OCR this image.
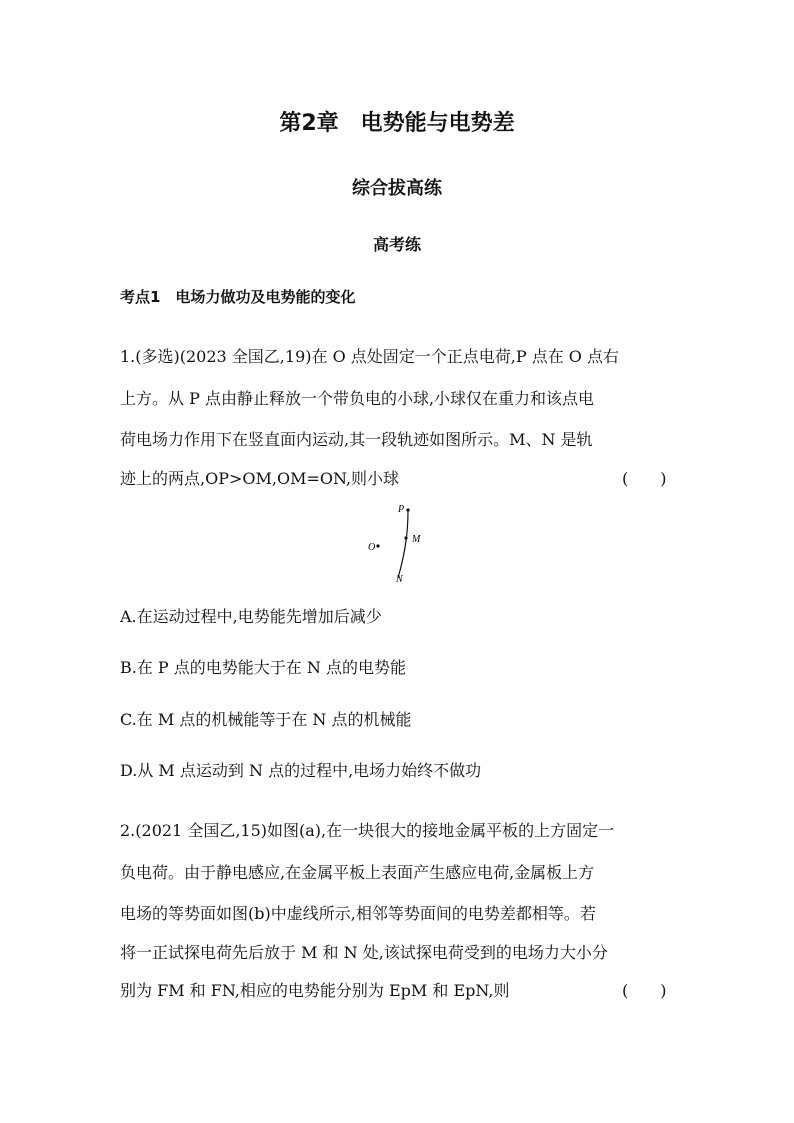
第2章　电势能与电势差
综合拔高练
高考练
考点1　电场力做功及电势能的变化
1.(多选)(2023 全国乙,19)在 O 点处固定一个正点电荷,P 点在 O 点右
上方。从 P 点由静止释放一个带负电的小球,小球仅在重力和该点电
荷电场力作用下在竖直面内运动,其一段轨迹如图所示。M、N 是轨
迹上的两点,OP>OM,OM=ON,则小球	(　　)
P
M
O
N
A.在运动过程中,电势能先增加后减少
B.在 P 点的电势能大于在 N 点的电势能
C.在 M 点的机械能等于在 N 点的机械能
D.从 M 点运动到 N 点的过程中,电场力始终不做功
2.(2021 全国乙,15)如图(a),在一块很大的接地金属平板的上方固定一
负电荷。由于静电感应,在金属平板上表面产生感应电荷,金属板上方
电场的等势面如图(b)中虚线所示,相邻等势面间的电势差都相等。若
将一正试探电荷先后放于 M 和 N 处,该试探电荷受到的电场力大小分
别为 FM 和 FN,相应的电势能分别为 EpM 和 EpN,则	(　　)
